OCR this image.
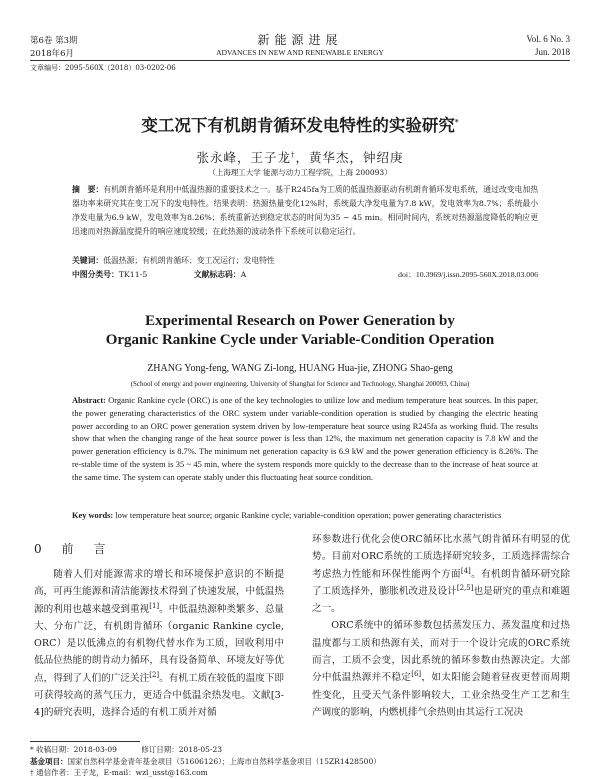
第6卷 第3期
2018年6月
新能源进展
ADVANCES IN NEW AND RENEWABLE ENERGY
Vol. 6 No. 3
Jun. 2018
文章编号：2095-560X（2018）03-0202-06
变工况下有机朗肯循环发电特性的实验研究*
张永峰，王子龙†，黄华杰，钟绍庚
（上海理工大学 能源与动力工程学院，上海 200093）
摘　要：有机朗肯循环是利用中低温热源的重要技术之一。基于R245fa为工质的低温热源驱动有机朗肯循环发电系统，通过改变电加热器功率来研究其在变工况下的发电特性。结果表明：热源热量变化12%时，系统最大净发电量为7.8 kW，发电效率为8.7%；系统最小净发电量为6.9 kW，发电效率为8.26%；系统重新达到稳定状态的时间为35 ~ 45 min。相同时间内，系统对热源温度降低的响应更迅速而对热源温度提升的响应速度较缓；在此热源的波动条件下系统可以稳定运行。
关键词：低温热源；有机朗肯循环；变工况运行；发电特性
中图分类号：TK11-5	文献标志码：A	doi：10.3969/j.issn.2095-560X.2018.03.006
Experimental Research on Power Generation by
Organic Rankine Cycle under Variable-Condition Operation
ZHANG Yong-feng, WANG Zi-long, HUANG Hua-jie, ZHONG Shao-geng
(School of energy and power engineering, University of Shanghai for Science and Technology, Shanghai 200093, China)
Abstract: Organic Rankine cycle (ORC) is one of the key technologies to utilize low and medium temperature heat sources. In this paper, the power generating characteristics of the ORC system under variable-condition operation is studied by changing the electric heating power according to an ORC power generation system driven by low-temperature heat source using R245fa as working fluid. The results show that when the changing range of the heat source power is less than 12%, the maximum net generation capacity is 7.8 kW and the power generation efficiency is 8.7%. The minimum net generation capacity is 6.9 kW and the power generation efficiency is 8.26%. The re-stable time of the system is 35 ~ 45 min, where the system responds more quickly to the decrease than to the increase of heat source at the same time. The system can operate stably under this fluctuating heat source condition.
Key words: low temperature heat source; organic Rankine cycle; variable-condition operation; power generating characteristics
0 前　言
随着人们对能源需求的增长和环境保护意识的不断提高，可再生能源和清洁能源技术得到了快速发展，中低温热源的利用也越来越受到重视[1]。中低温热源种类繁多、总量大、分布广泛，有机朗肯循环（organic Rankine cycle, ORC）是以低沸点的有机物代替水作为工质，回收利用中低品位热能的朗肯动力循环，具有设备简单、环境友好等优点，得到了人们的广泛关注[2]。有机工质在较低的温度下即可获得较高的蒸气压力，更适合中低温余热发电。文献[3-4]的研究表明，选择合适的有机工质并对循
环参数进行优化会使ORC循环比水蒸气朗肯循环有明显的优势。目前对ORC系统的工质选择研究较多，工质选择需综合考虑热力性能和环保性能两个方面[4]。有机朗肯循环研究除了工质选择外，膨胀机改进及设计[2,5]也是研究的重点和难题之一。
ORC系统中的循环参数包括蒸发压力、蒸发温度和过热温度都与工质和热源有关，而对于一个设计完成的ORC系统而言，工质不会变，因此系统的循环参数由热源决定。大部分中低温热源并不稳定[6]，如太阳能会随着昼夜更替而周期性变化，且受天气条件影响较大，工业余热受生产工艺和生产调度的影响，内燃机排气余热则由其运行工况决
* 收稿日期：2018-03-09	修订日期：2018-05-23
基金项目：国家自然科学基金青年基金项目（51606126）；上海市自然科学基金项目（15ZR1428500）
† 通信作者：王子龙，E-mail：wzl_usst@163.com
